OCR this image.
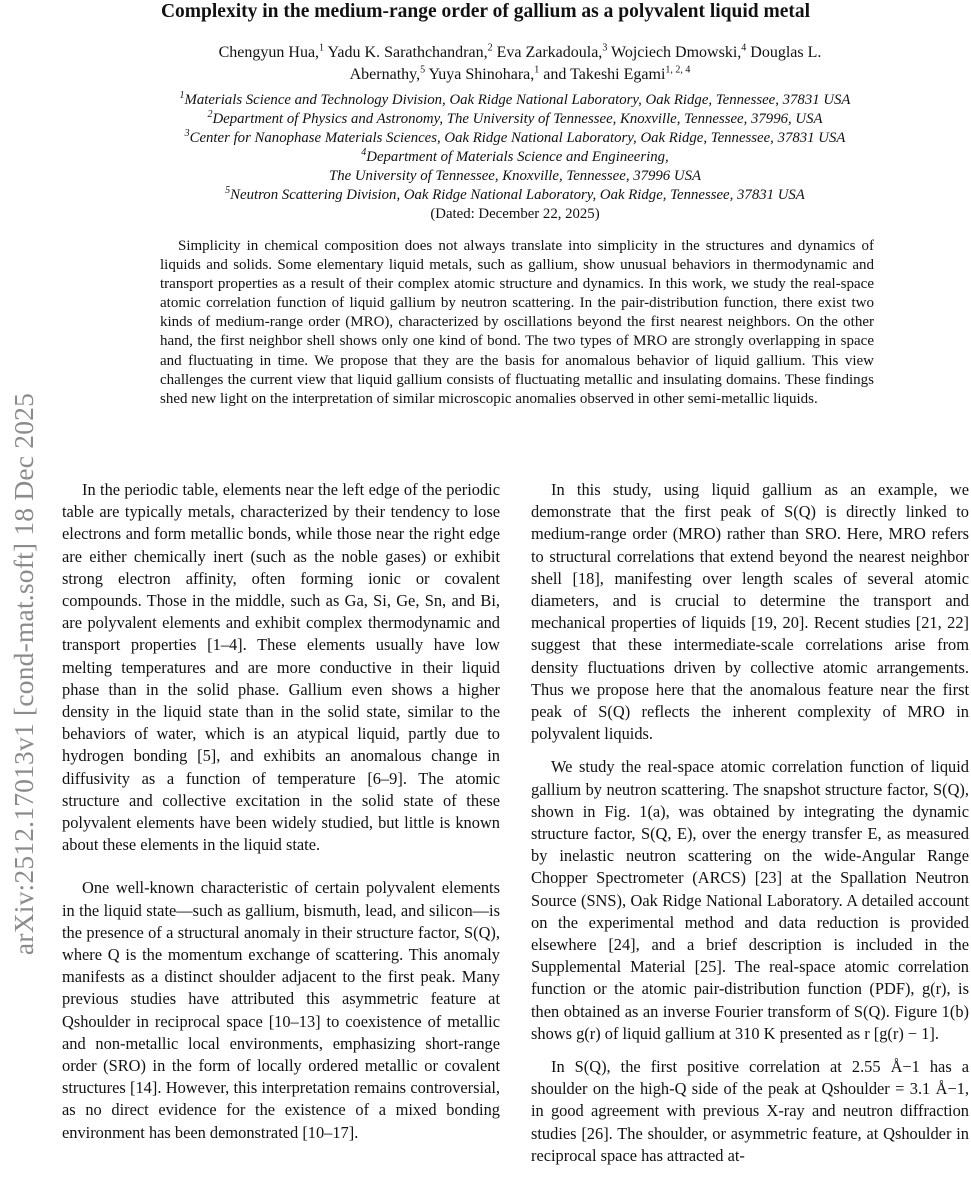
arXiv:2512.17013v1 [cond-mat.soft] 18 Dec 2025
Complexity in the medium-range order of gallium as a polyvalent liquid metal
Chengyun Hua,$^1$ Yadu K. Sarathchandran,$^2$ Eva Zarkadoula,$^3$ Wojciech Dmowski,$^4$ Douglas L. Abernathy,$^5$ Yuya Shinohara,$^1$ and Takeshi Egami$^{1, 2, 4}$
$^1$Materials Science and Technology Division, Oak Ridge National Laboratory, Oak Ridge, Tennessee, 37831 USA
$^2$Department of Physics and Astronomy, The University of Tennessee, Knoxville, Tennessee, 37996, USA
$^3$Center for Nanophase Materials Sciences, Oak Ridge National Laboratory, Oak Ridge, Tennessee, 37831 USA
$^4$Department of Materials Science and Engineering,
The University of Tennessee, Knoxville, Tennessee, 37996 USA
$^5$Neutron Scattering Division, Oak Ridge National Laboratory, Oak Ridge, Tennessee, 37831 USA
(Dated: December 22, 2025)
Simplicity in chemical composition does not always translate into simplicity in the structures and dynamics of liquids and solids. Some elementary liquid metals, such as gallium, show unusual behaviors in thermodynamic and transport properties as a result of their complex atomic structure and dynamics. In this work, we study the real-space atomic correlation function of liquid gallium by neutron scattering. In the pair-distribution function, there exist two kinds of medium-range order (MRO), characterized by oscillations beyond the first nearest neighbors. On the other hand, the first neighbor shell shows only one kind of bond. The two types of MRO are strongly overlapping in space and fluctuating in time. We propose that they are the basis for anomalous behavior of liquid gallium. This view challenges the current view that liquid gallium consists of fluctuating metallic and insulating domains. These findings shed new light on the interpretation of similar microscopic anomalies observed in other semi-metallic liquids.

In the periodic table, elements near the left edge of the periodic table are typically metals, characterized by their tendency to lose electrons and form metallic bonds, while those near the right edge are either chemically inert (such as the noble gases) or exhibit strong electron affinity, often forming ionic or covalent compounds. Those in the middle, such as Ga, Si, Ge, Sn, and Bi, are polyvalent elements and exhibit complex thermodynamic and transport properties [1–4]. These elements usually have low melting temperatures and are more conductive in their liquid phase than in the solid phase. Gallium even shows a higher density in the liquid state than in the solid state, similar to the behaviors of water, which is an atypical liquid, partly due to hydrogen bonding [5], and exhibits an anomalous change in diffusivity as a function of temperature [6–9]. The atomic structure and collective excitation in the solid state of these polyvalent elements have been widely studied, but little is known about these elements in the liquid state.

One well-known characteristic of certain polyvalent elements in the liquid state—such as gallium, bismuth, lead, and silicon—is the presence of a structural anomaly in their structure factor, S(Q), where Q is the momentum exchange of scattering. This anomaly manifests as a distinct shoulder adjacent to the first peak. Many previous studies have attributed this asymmetric feature at Qshoulder in reciprocal space [10–13] to coexistence of metallic and non-metallic local environments, emphasizing short-range order (SRO) in the form of locally ordered metallic or covalent structures [14]. However, this interpretation remains controversial, as no direct evidence for the existence of a mixed bonding environment has been demonstrated [10–17].

In this study, using liquid gallium as an example, we demonstrate that the first peak of S(Q) is directly linked to medium-range order (MRO) rather than SRO. Here, MRO refers to structural correlations that extend beyond the nearest neighbor shell [18], manifesting over length scales of several atomic diameters, and is crucial to determine the transport and mechanical properties of liquids [19, 20]. Recent studies [21, 22] suggest that these intermediate-scale correlations arise from density fluctuations driven by collective atomic arrangements. Thus we propose here that the anomalous feature near the first peak of S(Q) reflects the inherent complexity of MRO in polyvalent liquids.

We study the real-space atomic correlation function of liquid gallium by neutron scattering. The snapshot structure factor, S(Q), shown in Fig. 1(a), was obtained by integrating the dynamic structure factor, S(Q, E), over the energy transfer E, as measured by inelastic neutron scattering on the wide-Angular Range Chopper Spectrometer (ARCS) [23] at the Spallation Neutron Source (SNS), Oak Ridge National Laboratory. A detailed account on the experimental method and data reduction is provided elsewhere [24], and a brief description is included in the Supplemental Material [25]. The real-space atomic correlation function or the atomic pair-distribution function (PDF), g(r), is then obtained as an inverse Fourier transform of S(Q). Figure 1(b) shows g(r) of liquid gallium at 310 K presented as r [g(r) − 1].

In S(Q), the first positive correlation at 2.55 Å−1 has a shoulder on the high-Q side of the peak at Qshoulder = 3.1 Å−1, in good agreement with previous X-ray and neutron diffraction studies [26]. The shoulder, or asymmetric feature, at Qshoulder in reciprocal space has attracted at-
